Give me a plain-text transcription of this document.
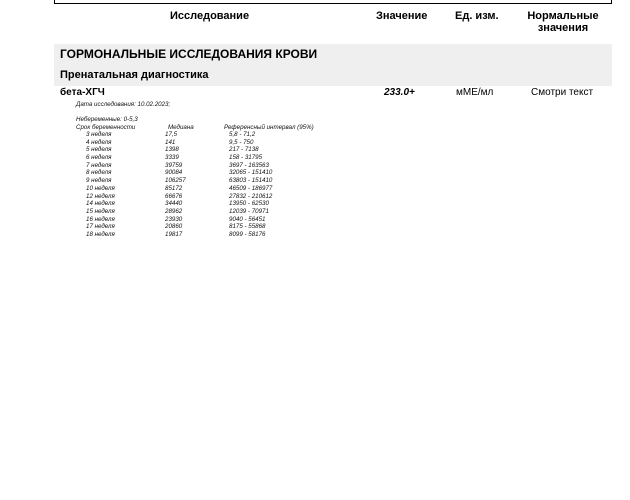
Исследование	Значение	Ед. изм.	Нормальные
значения
ГОРМОНАЛЬНЫЕ ИССЛЕДОВАНИЯ КРОВИ
Пренатальная диагностика
бета-ХГЧ	233.0+	мМЕ/мл	Смотри текст
Дата исследования: 10.02.2023;
Небеременные: 0-5,3
Срок беременности	Медиана	Референсный интервал (95%)
3 неделя	17,5	5,8 - 71,2
4 неделя	141	9,5 - 750
5 неделя	1398	217 - 7138
6 неделя	3339	158 - 31795
7 неделя	39759	3697 - 163563
8 неделя	90084	32065 - 151410
9 неделя	106257	63803 - 151410
10 неделя	85172	46509 - 186977
12 неделя	66676	27832 - 210612
14 неделя	34440	13950 - 62530
15 неделя	28962	12039 - 70971
16 неделя	23930	9040 - 56451
17 неделя	20860	8175 - 55868
18 неделя	19817	8099 - 58176
